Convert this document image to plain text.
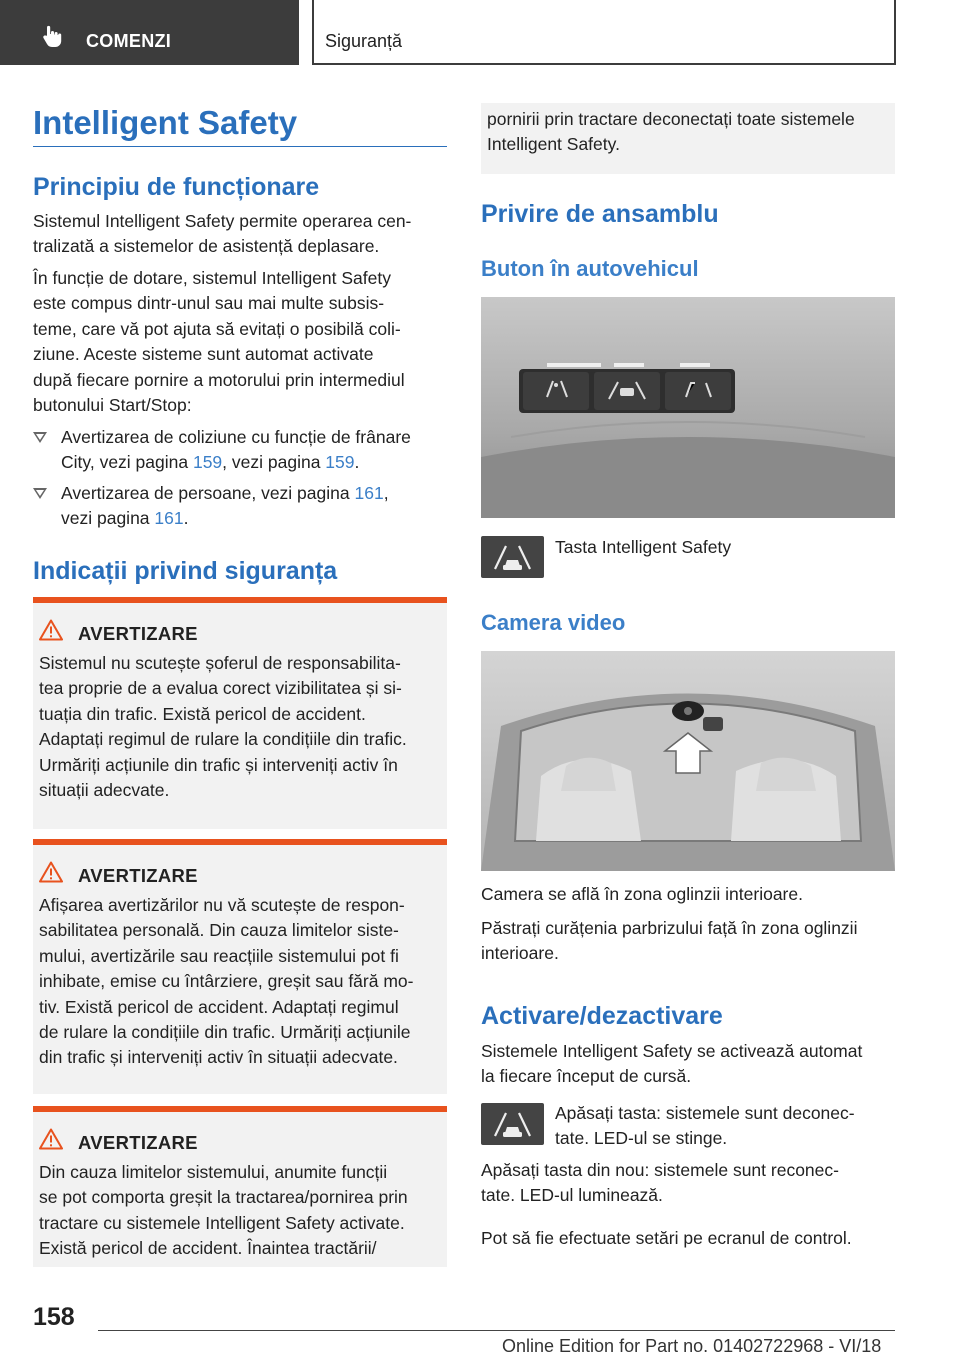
COMENZI	Siguranță
Intelligent Safety
Principiu de funcționare
Sistemul Intelligent Safety permite operarea cen-
tralizată a sistemelor de asistență deplasare.
În funcție de dotare, sistemul Intelligent Safety
este compus dintr-unul sau mai multe subsis-
teme, care vă pot ajuta să evitați o posibilă coli-
ziune. Aceste sisteme sunt automat activate
după fiecare pornire a motorului prin intermediul
butonului Start/Stop:
Avertizarea de coliziune cu funcție de frânare
City, vezi pagina 159, vezi pagina 159.
Avertizarea de persoane, vezi pagina 161,
vezi pagina 161.
Indicații privind siguranța
AVERTIZARE
Sistemul nu scutește șoferul de responsabilita-
tea proprie de a evalua corect vizibilitatea și si-
tuația din trafic. Există pericol de accident.
Adaptați regimul de rulare la condițiile din trafic.
Urmăriți acțiunile din trafic și interveniți activ în
situații adecvate.
AVERTIZARE
Afișarea avertizărilor nu vă scutește de respon-
sabilitatea personală. Din cauza limitelor siste-
mului, avertizările sau reacțiile sistemului pot fi
inhibate, emise cu întârziere, greșit sau fără mo-
tiv. Există pericol de accident. Adaptați regimul
de rulare la condițiile din trafic. Urmăriți acțiunile
din trafic și interveniți activ în situații adecvate.
AVERTIZARE
Din cauza limitelor sistemului, anumite funcții
se pot comporta greșit la tractarea/pornirea prin
tractare cu sistemele Intelligent Safety activate.
Există pericol de accident. Înaintea tractării/
pornirii prin tractare deconectați toate sistemele
Intelligent Safety.
Privire de ansamblu
Buton în autovehicul
Tasta Intelligent Safety
Camera video
Camera se află în zona oglinzii interioare.
Păstrați curățenia parbrizului față în zona oglinzii
interioare.
Activare/dezactivare
Sistemele Intelligent Safety se activează automat
la fiecare început de cursă.
Apăsați tasta: sistemele sunt deconec-
tate. LED-ul se stinge.
Apăsați tasta din nou: sistemele sunt reconec-
tate. LED-ul luminează.
Pot să fie efectuate setări pe ecranul de control.
158
Online Edition for Part no. 01402722968 - VI/18
